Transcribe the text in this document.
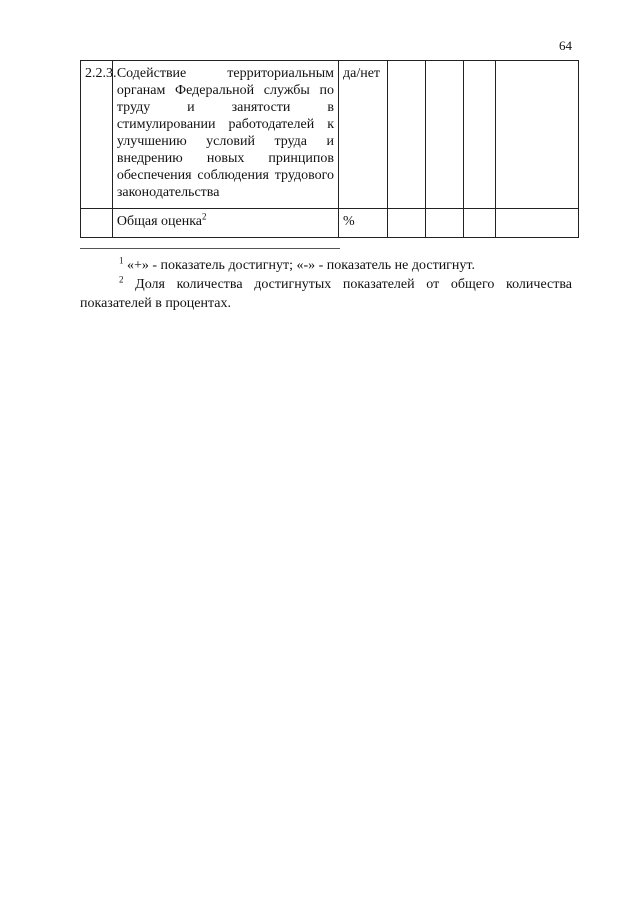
64
2.2.3.	Содействие территориальным органам Федеральной службы по труду и занятости в стимулировании работодателей к улучшению условий труда и внедрению новых принципов обеспечения соблюдения трудового законодательства	да/нет				
	Общая оценка$^2$	%				

$^1$ «+» - показатель достигнут; «-» - показатель не достигнут.

$^2$ Доля количества достигнутых показателей от общего количества показателей в процентах.
